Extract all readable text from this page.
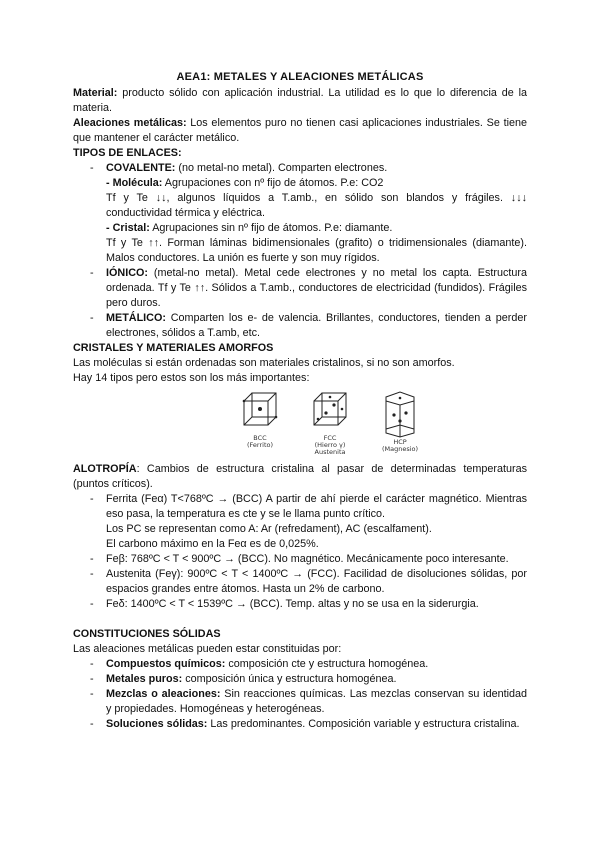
AEA1: METALES Y ALEACIONES METÁLICAS

Material: producto sólido con aplicación industrial. La utilidad es lo que lo diferencia de la materia.

Aleaciones metálicas: Los elementos puro no tienen casi aplicaciones industriales. Se tiene que mantener el carácter metálico.

TIPOS DE ENLACES:

- COVALENTE: (no metal-no metal). Comparten electrones.
- Molécula: Agrupaciones con nº fijo de átomos. P.e: CO2

Tf y Te ↓↓, algunos líquidos a T.amb., en sólido son blandos y frágiles. ↓↓↓ conductividad térmica y eléctrica.

- Cristal: Agrupaciones sin nº fijo de átomos. P.e: diamante.

Tf y Te ↑↑. Forman láminas bidimensionales (grafito) o tridimensionales (diamante). Malos conductores. La unión es fuerte y son muy rígidos.

- IÓNICO: (metal-no metal). Metal cede electrones y no metal los capta. Estructura ordenada. Tf y Te ↑↑. Sólidos a T.amb., conductores de electricidad (fundidos). Frágiles pero duros.
- METÁLICO: Comparten los e- de valencia. Brillantes, conductores, tienden a perder electrones, sólidos a T.amb, etc.

CRISTALES Y MATERIALES AMORFOS

Las moléculas si están ordenadas son materiales cristalinos, si no son amorfos.

Hay 14 tipos pero estos son los más importantes:

BCC
(Ferrito)
FCC
(Hierro γ) Austenita
HCP
(Magnesio)

ALOTROPÍA: Cambios de estructura cristalina al pasar de determinadas temperaturas (puntos críticos).

- Ferrita (Feα) T<768ºC → (BCC) A partir de ahí pierde el carácter magnético. Mientras eso pasa, la temperatura es cte y se le llama punto crítico.
Los PC se representan como A: Ar (refredament), AC (escalfament).
El carbono máximo en la Feα es de 0,025%.
- Feβ: 768ºC < T < 900ºC → (BCC). No magnético. Mecánicamente poco interesante.
- Austenita (Feγ): 900ºC < T < 1400ºC → (FCC). Facilidad de disoluciones sólidas, por espacios grandes entre átomos. Hasta un 2% de carbono.
- Feδ: 1400ºC < T < 1539ºC → (BCC). Temp. altas y no se usa en la siderurgia.

CONSTITUCIONES SÓLIDAS

Las aleaciones metálicas pueden estar constituidas por:

- Compuestos químicos: composición cte y estructura homogénea.
- Metales puros: composición única y estructura homogénea.
- Mezclas o aleaciones: Sin reacciones químicas. Las mezclas conservan su identidad y propiedades. Homogéneas y heterogéneas.
- Soluciones sólidas: Las predominantes. Composición variable y estructura cristalina.
